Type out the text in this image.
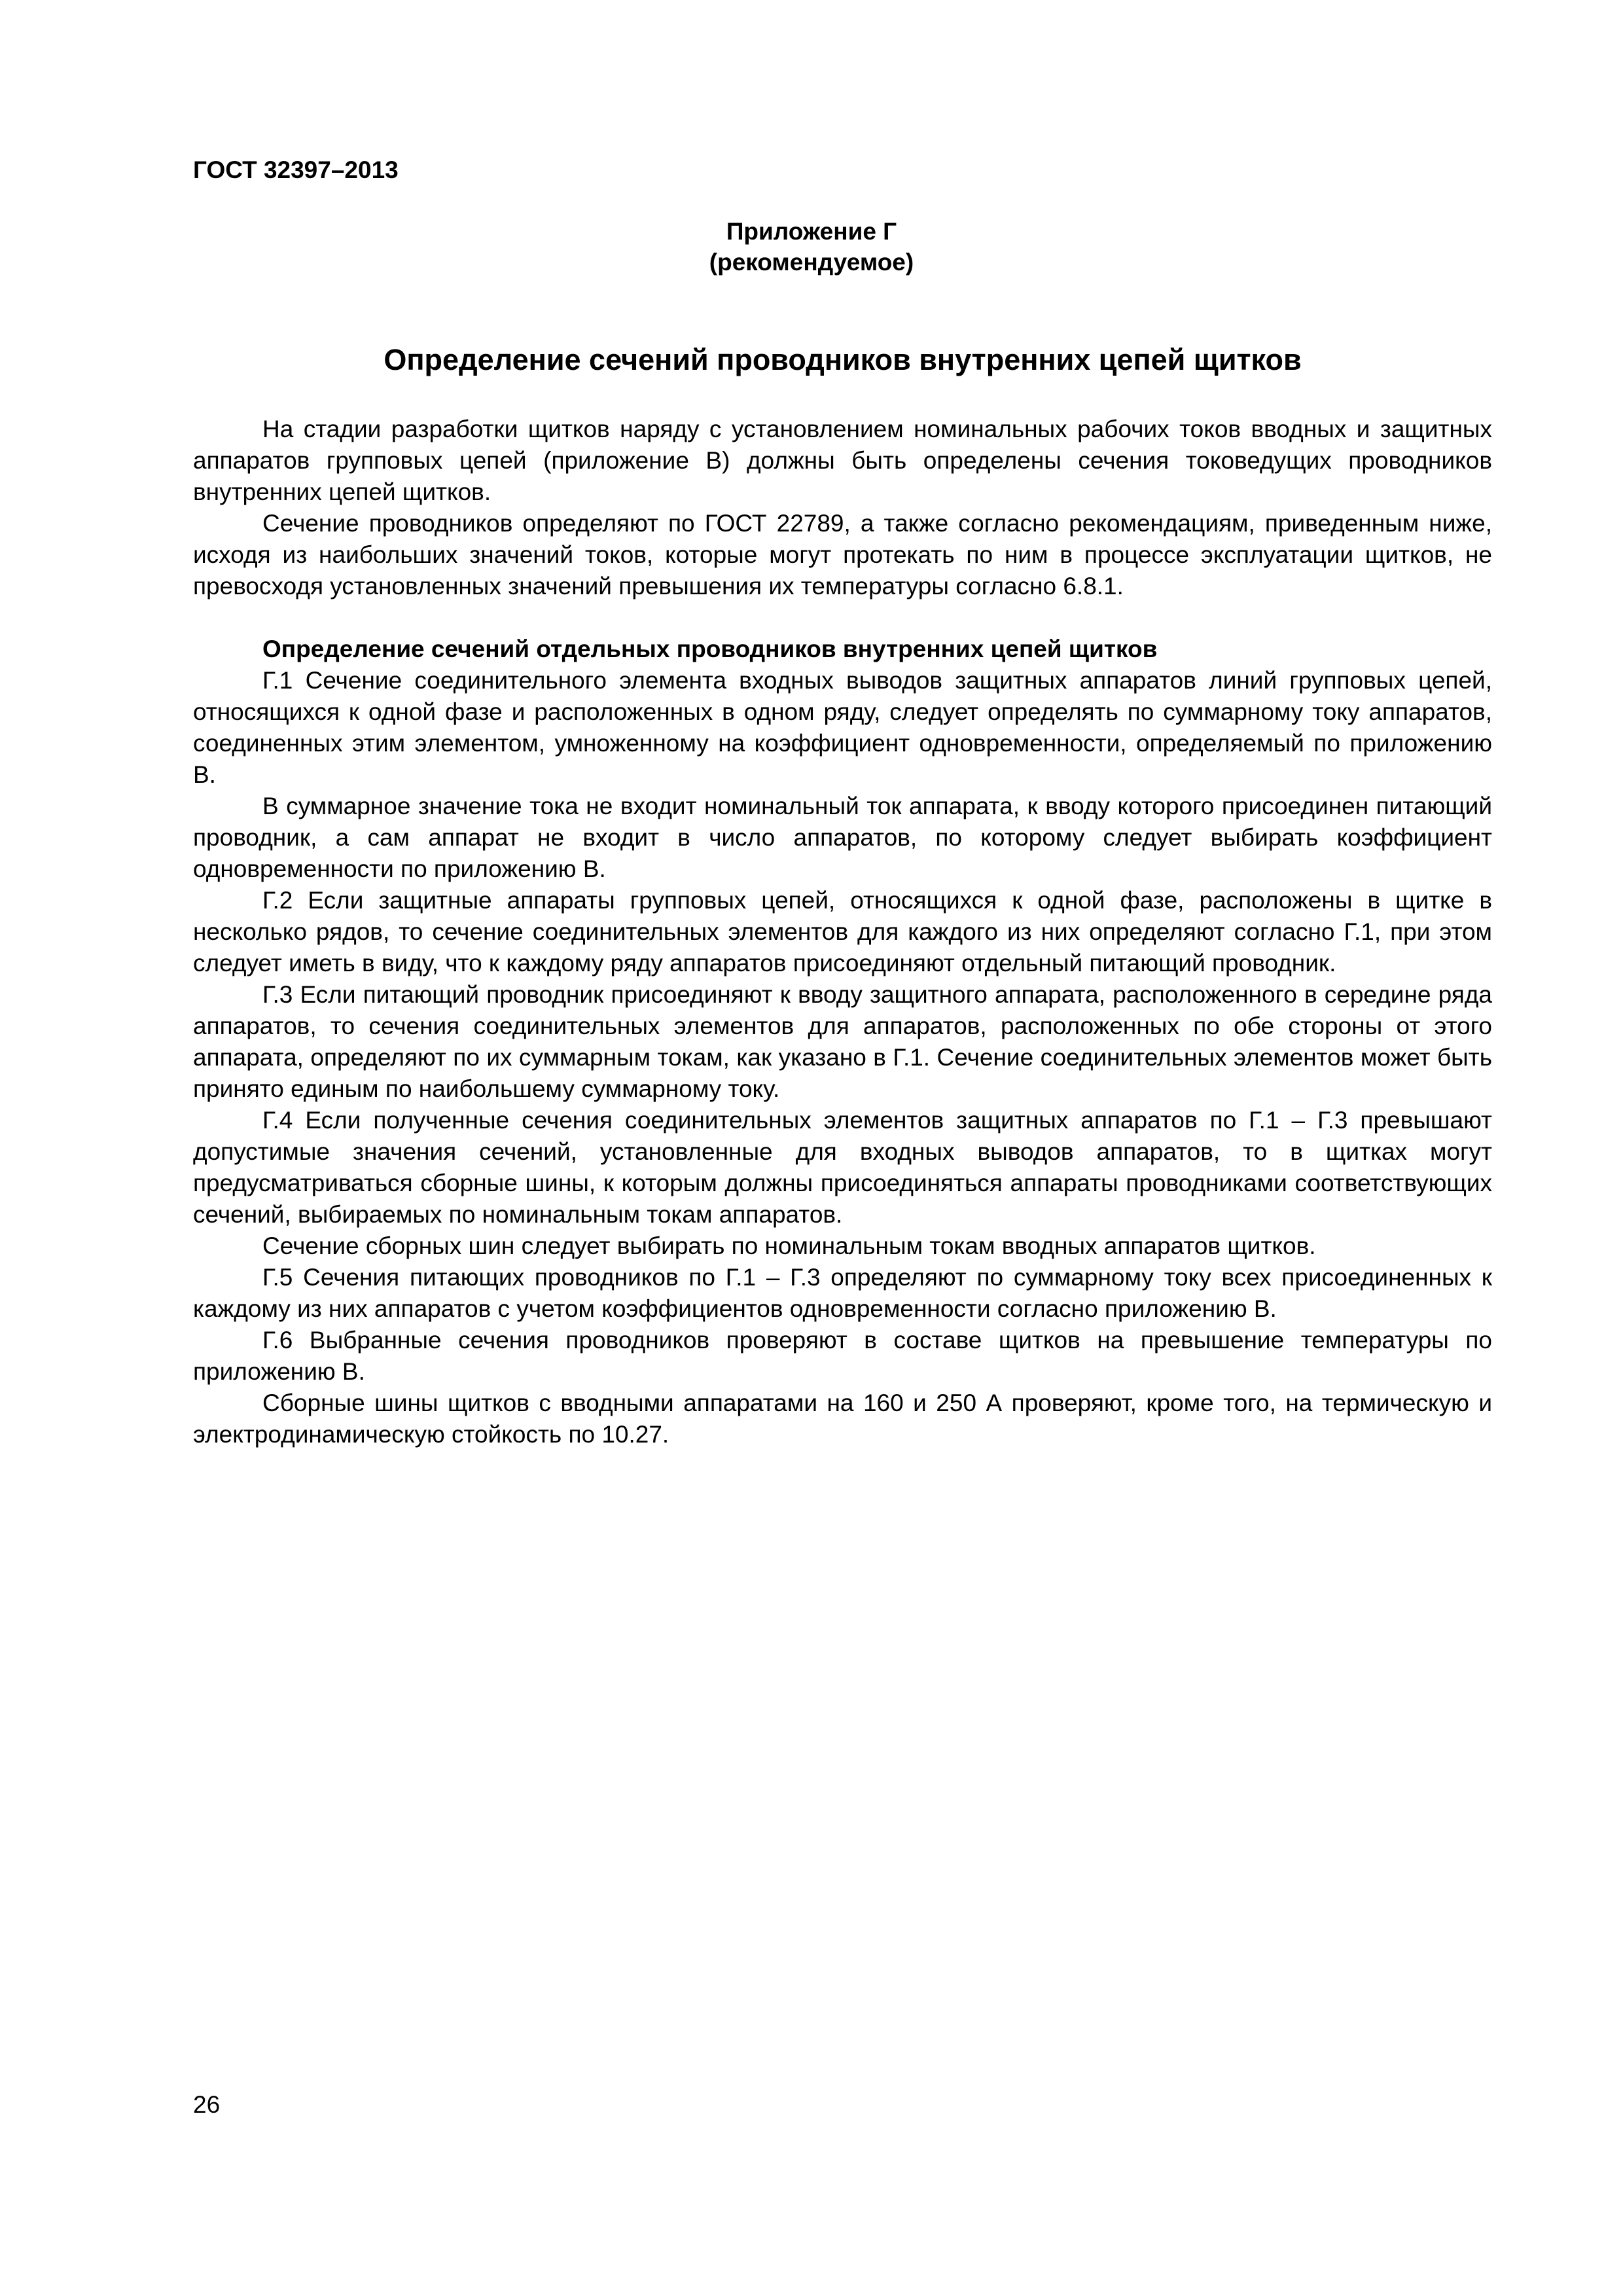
ГОСТ 32397–2013
Приложение Г
(рекомендуемое)
Определение сечений проводников внутренних цепей щитков

На стадии разработки щитков наряду с установлением номинальных рабочих токов вводных и защитных аппаратов групповых цепей (приложение В) должны быть определены сечения токоведущих проводников внутренних цепей щитков.

Сечение проводников определяют по ГОСТ 22789, а также согласно рекомендациям, приведенным ниже, исходя из наибольших значений токов, которые могут протекать по ним в процессе эксплуатации щитков, не превосходя установленных значений превышения их температуры согласно 6.8.1.

Определение сечений отдельных проводников внутренних цепей щитков

Г.1 Сечение соединительного элемента входных выводов защитных аппаратов линий групповых цепей, относящихся к одной фазе и расположенных в одном ряду, следует определять по суммарному току аппаратов, соединенных этим элементом, умноженному на коэффициент одновременности, определяемый по приложению В.

В суммарное значение тока не входит номинальный ток аппарата, к вводу которого присоединен питающий проводник, а сам аппарат не входит в число аппаратов, по которому следует выбирать коэффициент одновременности по приложению В.

Г.2 Если защитные аппараты групповых цепей, относящихся к одной фазе, расположены в щитке в несколько рядов, то сечение соединительных элементов для каждого из них определяют согласно Г.1, при этом следует иметь в виду, что к каждому ряду аппаратов присоединяют отдельный питающий проводник.

Г.3 Если питающий проводник присоединяют к вводу защитного аппарата, расположенного в середине ряда аппаратов, то сечения соединительных элементов для аппаратов, расположенных по обе стороны от этого аппарата, определяют по их суммарным токам, как указано в Г.1. Сечение соединительных элементов может быть принято единым по наибольшему суммарному току.

Г.4 Если полученные сечения соединительных элементов защитных аппаратов по Г.1 – Г.3 превышают допустимые значения сечений, установленные для входных выводов аппаратов, то в щитках могут предусматриваться сборные шины, к которым должны присоединяться аппараты проводниками соответствующих сечений, выбираемых по номинальным токам аппаратов.

Сечение сборных шин следует выбирать по номинальным токам вводных аппаратов щитков.

Г.5 Сечения питающих проводников по Г.1 – Г.3 определяют по суммарному току всех присоединенных к каждому из них аппаратов с учетом коэффициентов одновременности согласно приложению В.

Г.6 Выбранные сечения проводников проверяют в составе щитков на превышение температуры по приложению В.

Сборные шины щитков с вводными аппаратами на 160 и 250 А проверяют, кроме того, на термическую и электродинамическую стойкость по 10.27.

26
